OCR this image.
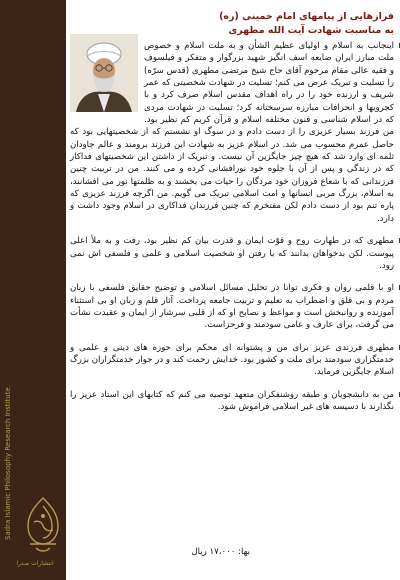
Sadra Islamic Philosophy Research Institute
انتشارات صدرا
فرازهایی از پیامهای امام خمینی (ره)
به مناسبت شهادت آیت الله مطهری

اینجانب به اسلام و اولیای عظیم الشأن و به ملت اسلام و خصوص ملت مبارز ایران ضایعه اسف انگیز شهید بزرگوار و متفکر و فیلسوف و فقیه عالی مقام مرحوم آقای حاج شیخ مرتضی مطهری (قدس سرّه) را تسلیت و تبریک عرض می کنم؛ تسلیت در شهادت شخصیتی که عمر شریف و ارزنده خود را در راه اهداف مقدس اسلام صرف کرد و با کجرویها و انحرافات مبارزه سرسختانه کرد؛ تسلیت در شهادت مردی که در اسلام شناسی و فنون مختلفه اسلام و قرآن کریم کم نظیر بود. من فرزند بسیار عزیزی را از دست دادم و در سوگ او نشستم که از شخصیتهایی بود که حاصل عمرم محسوب می شد. در اسلام عزیز به شهادت این فرزند برومند و عالم جاودان ثلمه ای وارد شد که هیچ چیز جایگزین آن نیست. و تبریک از داشتن این شخصیتهای فداکار که در زندگی و پس از آن با جلوه خود نورافشانی کرده و می کنند. من در تربیت چنین فرزندانی که با شعاع فروزان خود مردگان را حیات می بخشند و به ظلمتها نور می افشانند، به اسلام، بزرگ مربی انسانها و امت اسلامی تبریک می گویم. من اگرچه فرزند عزیزی که پاره تنم بود از دست دادم لکن مفتخرم که چنین فرزندان فداکاری در اسلام وجود داشت و دارد.

مطهری که در طهارت روح و قوّت ایمان و قدرت بیان کم نظیر بود، رفت و به ملأ اعلی پیوست. لکن بدخواهان بدانند که با رفتن او شخصیت اسلامی و علمی و فلسفی اش نمی رود.

او با قلمی روان و فکری توانا در تحلیل مسائل اسلامی و توضیح حقایق فلسفی با زبان مردم و بی قلق و اضطراب به تعلیم و تربیت جامعه پرداخت. آثار قلم و زبان او بی استثناء آموزنده و روانبخش است و مواعظ و نصایح او که از قلبی سرشار از ایمان و عقیدت نشأت می گرفت، برای عارف و عامی سودمند و فرحزاست.

مطهری فرزندی عزیز برای من و پشتوانه ای محکم برای حوزه های دینی و علمی و خدمتگزاری سودمند برای ملت و کشور بود. خدایش رحمت کند و در جوار خدمتگزاران بزرگ اسلام جایگزین فرماید.

من به دانشجویان و طبقه روشنفکران متعهد توصیه می کنم که کتابهای این استاد عزیز را نگذارند با دسیسه های غیر اسلامی فراموش شود.

بها: ۱۷،۰۰۰ ریال
